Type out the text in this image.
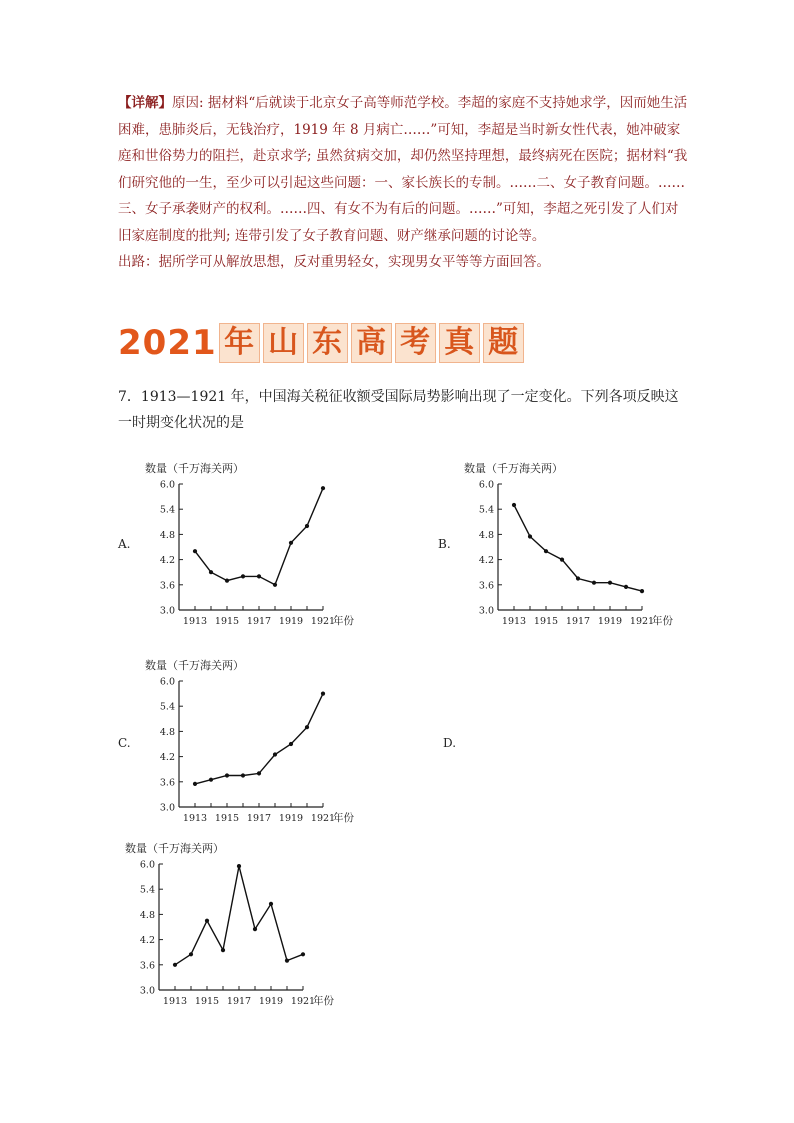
【详解】原因: 据材料“后就读于北京女子高等师范学校。李超的家庭不支持她求学，因而她生活困难，患肺炎后，无钱治疗，1919 年 8 月病亡……”可知，李超是当时新女性代表，她冲破家庭和世俗势力的阻拦，赴京求学; 虽然贫病交加，却仍然坚持理想，最终病死在医院；据材料“我们研究他的一生，至少可以引起这些问题：一、家长族长的专制。……二、女子教育问题。……三、女子承袭财产的权利。……四、有女不为有后的问题。……”可知，李超之死引发了人们对旧家庭制度的批判; 连带引发了女子教育问题、财产继承问题的讨论等。

出路：据所学可从解放思想，反对重男轻女，实现男女平等等方面回答。

2021 年 山 东 高 考 真 题

7．1913—1921 年，中国海关税征收额受国际局势影响出现了一定变化。下列各项反映这一时期变化状况的是

A.	B.
C.	D.
数量（千万海关两）
3.0
3.6
4.2
4.8
5.4
6.0
1913 1915 1917 1919 1921
年份
数量（千万海关两）
3.0
3.6
4.2
4.8
5.4
6.0
1913 1915 1917 1919 1921
年份
数量（千万海关两）
3.0
3.6
4.2
4.8
5.4
6.0
1913 1915 1917 1919 1921
年份
数量（千万海关两）
3.0
3.6
4.2
4.8
5.4
6.0
1913 1915 1917 1919 1921
年份
